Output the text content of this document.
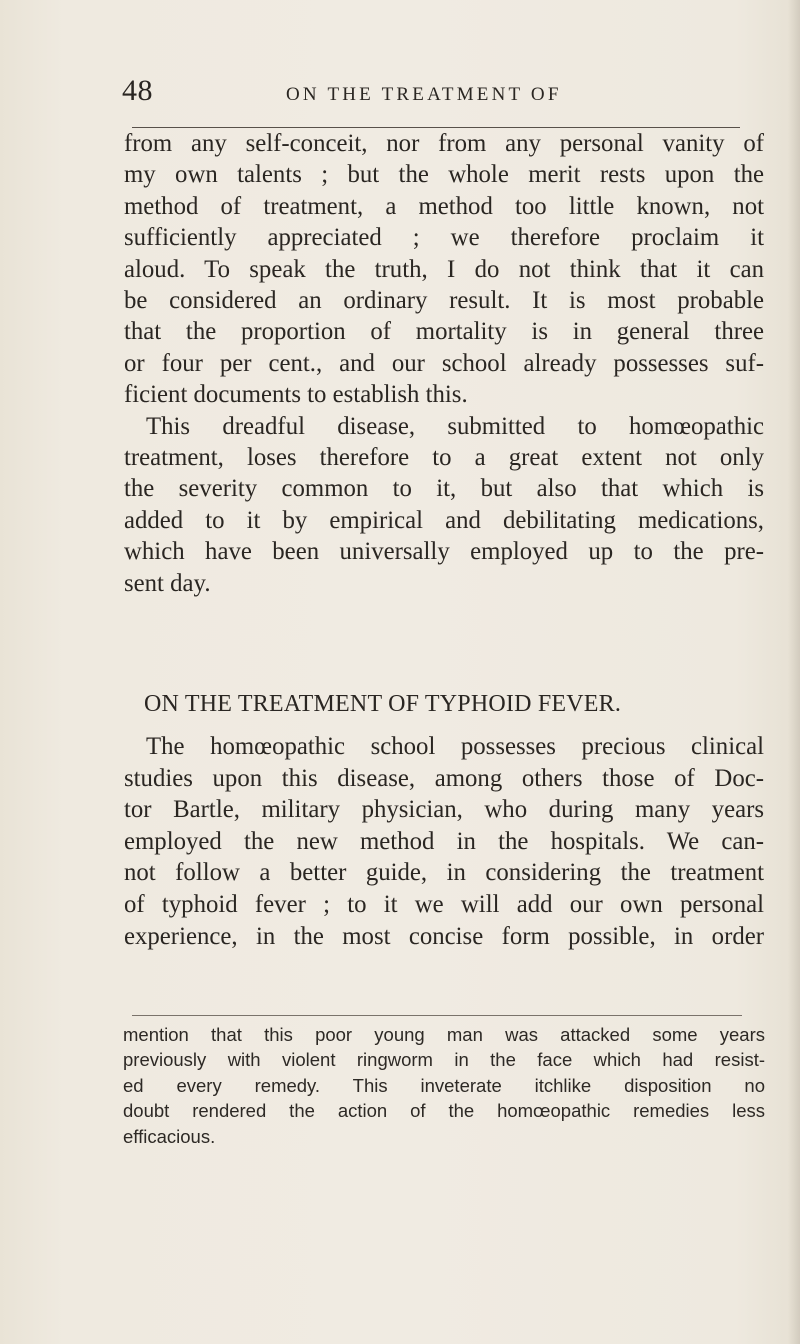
48	ON THE TREATMENT OF

from any self-conceit, nor from any personal vanity of

my own talents ; but the whole merit rests upon the

method of treatment, a method too little known, not

sufficiently appreciated ; we therefore proclaim it

aloud. To speak the truth, I do not think that it can

be considered an ordinary result. It is most probable

that the proportion of mortality is in general three

or four per cent., and our school already possesses suf-

ficient documents to establish this.

This dreadful disease, submitted to homœopathic

treatment, loses therefore to a great extent not only

the severity common to it, but also that which is

added to it by empirical and debilitating medications,

which have been universally employed up to the pre-

sent day.

ON THE TREATMENT OF TYPHOID FEVER.

The homœopathic school possesses precious clinical

studies upon this disease, among others those of Doc-

tor Bartle, military physician, who during many years

employed the new method in the hospitals. We can-

not follow a better guide, in considering the treatment

of typhoid fever ; to it we will add our own personal

experience, in the most concise form possible, in order

mention that this poor young man was attacked some years

previously with violent ringworm in the face which had resist-

ed every remedy. This inveterate itchlike disposition no

doubt rendered the action of the homœopathic remedies less

efficacious.
